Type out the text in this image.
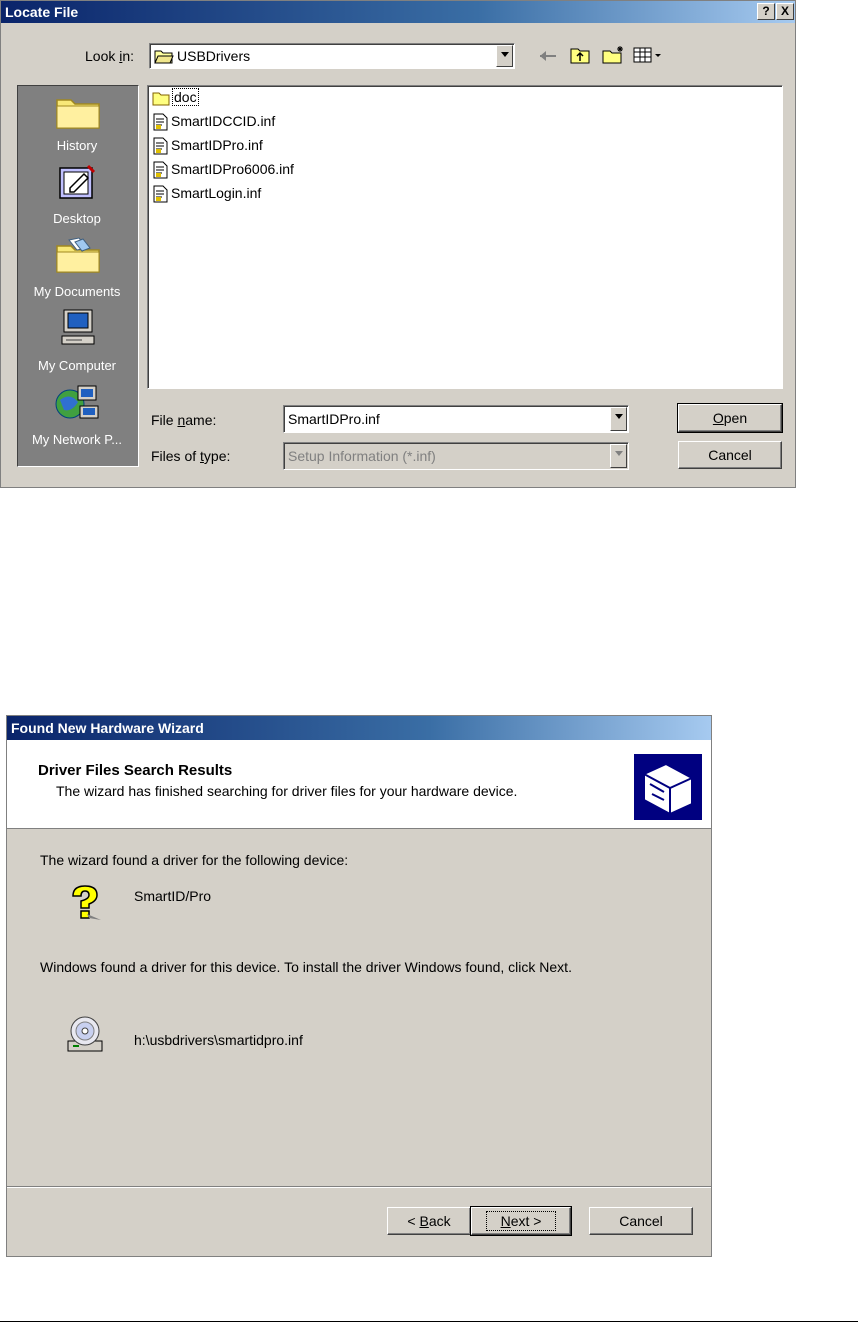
Locate File	? X
Look in:	USBDrivers
History
Desktop
My Documents
My Computer
My Network P...
doc
SmartIDCCID.inf
SmartIDPro.inf
SmartIDPro6006.inf
SmartLogin.inf
File name:	SmartIDPro.inf
Files of type:	Setup Information (*.inf)
Open
Cancel
Found New Hardware Wizard
Driver Files Search Results
The wizard has finished searching for driver files for your hardware device.
The wizard found a driver for the following device:
SmartID/Pro
Windows found a driver for this device. To install the driver Windows found, click Next.
h:\usbdrivers\smartidpro.inf
< Back	Next >	Cancel
